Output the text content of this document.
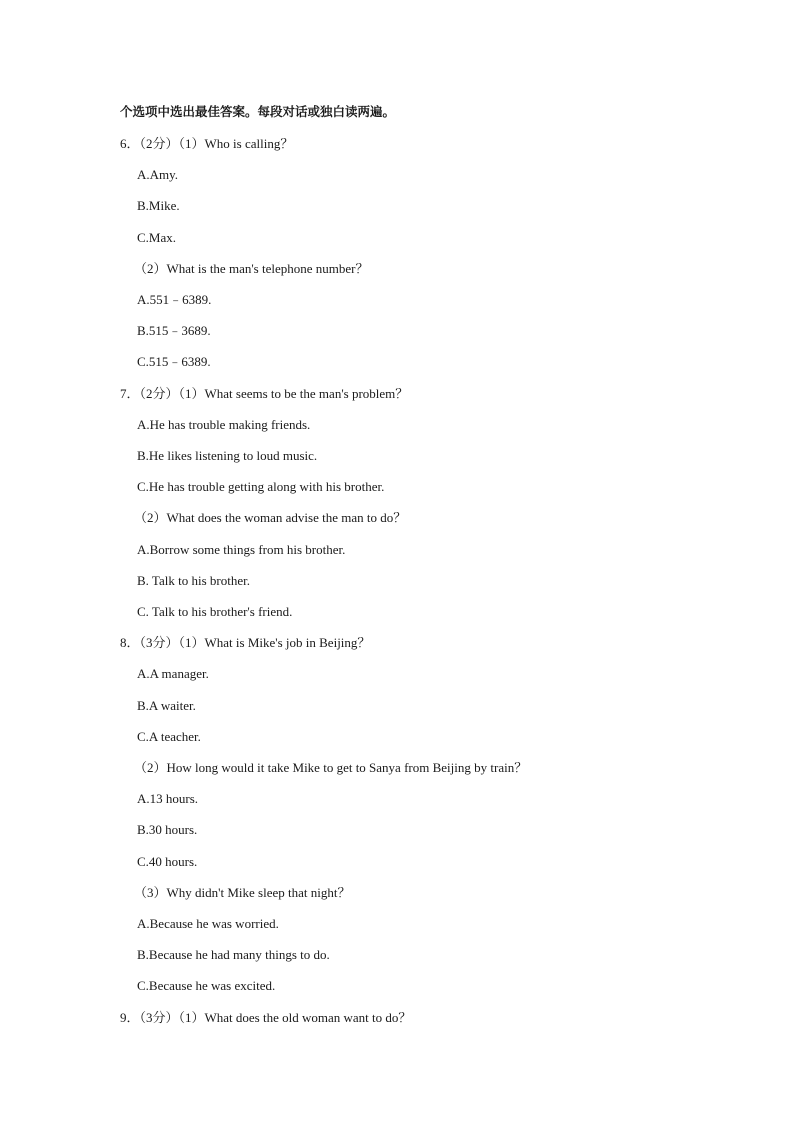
个选项中选出最佳答案。每段对话或独白读两遍。
6．（2分）（1）Who is calling？
A.Amy.
B.Mike.
C.Max.
（2）What is the man's telephone number？
A.551﹣6389.
B.515﹣3689.
C.515﹣6389.
7．（2分）（1）What seems to be the man's problem？
A.He has trouble making friends.
B.He likes listening to loud music.
C.He has trouble getting along with his brother.
（2）What does the woman advise the man to do？
A.Borrow some things from his brother.
B. Talk to his brother.
C. Talk to his brother's friend.
8．（3分）（1）What is Mike's job in Beijing？
A.A manager.
B.A waiter.
C.A teacher.
（2）How long would it take Mike to get to Sanya from Beijing by train？
A.13 hours.
B.30 hours.
C.40 hours.
（3）Why didn't Mike sleep that night？
A.Because he was worried.
B.Because he had many things to do.
C.Because he was excited.
9．（3分）（1）What does the old woman want to do？
